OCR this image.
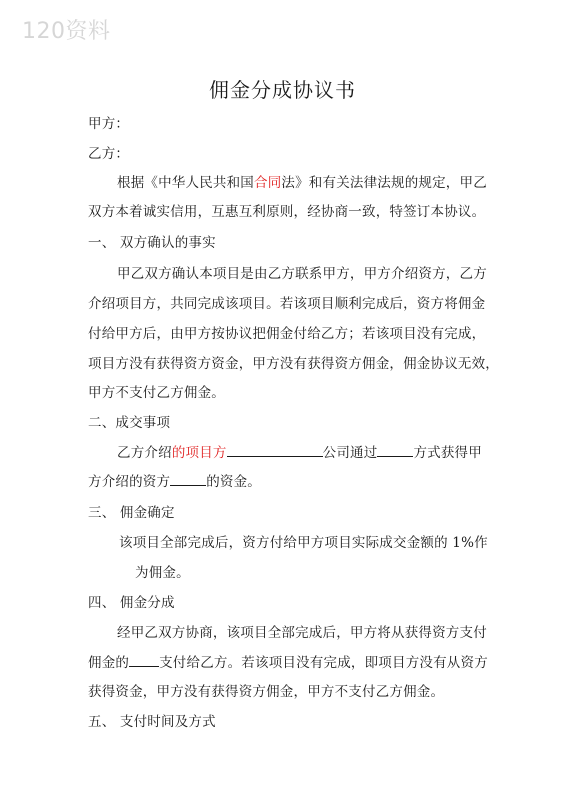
120资料
佣金分成协议书
甲方：
乙方：
根据《中华人民共和国合同法》和有关法律法规的规定，甲乙
双方本着诚实信用，互惠互利原则，经协商一致，特签订本协议。
一、 双方确认的事实
甲乙双方确认本项目是由乙方联系甲方，甲方介绍资方，乙方
介绍项目方，共同完成该项目。若该项目顺利完成后，资方将佣金
付给甲方后，由甲方按协议把佣金付给乙方；若该项目没有完成，
项目方没有获得资方资金，甲方没有获得资方佣金，佣金协议无效，
甲方不支付乙方佣金。
二、成交事项
乙方介绍的项目方	公司通过	方式获得甲
方介绍的资方	的资金。
三、 佣金确定
该项目全部完成后，资方付给甲方项目实际成交金额的 1%作
为佣金。
四、 佣金分成
经甲乙双方协商，该项目全部完成后，甲方将从获得资方支付
佣金的 支付给乙方。若该项目没有完成，即项目方没有从资方
获得资金，甲方没有获得资方佣金，甲方不支付乙方佣金。
五、 支付时间及方式
